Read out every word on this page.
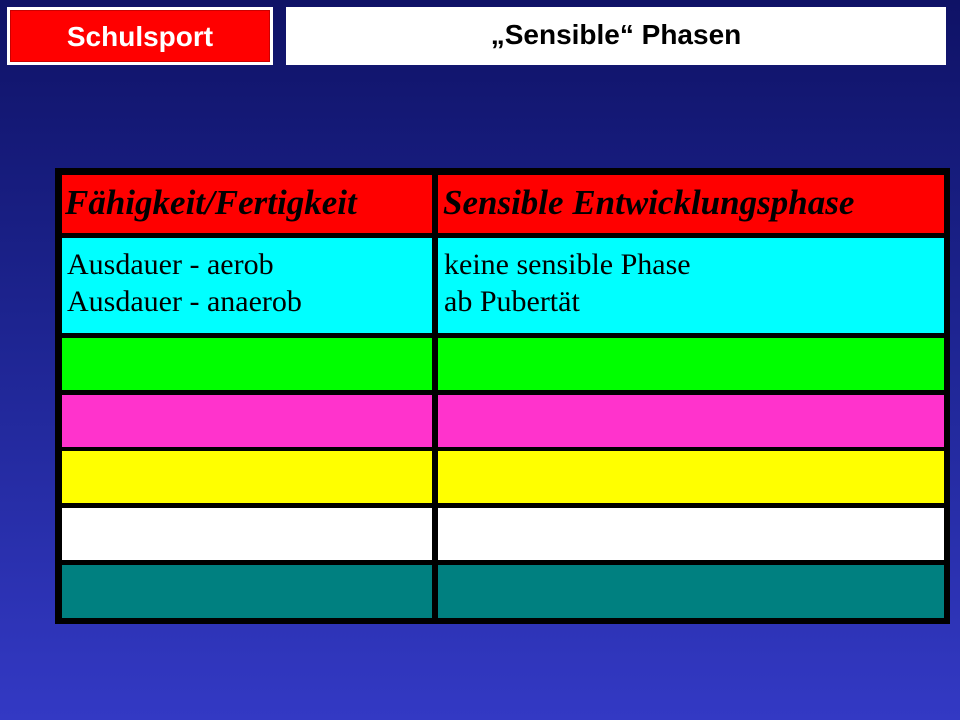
Schulsport	„Sensible“ Phasen
Fähigkeit/Fertigkeit Sensible Entwicklungsphase
Ausdauer - aerob
Ausdauer - anaerob
keine sensible Phase
ab Pubertät
